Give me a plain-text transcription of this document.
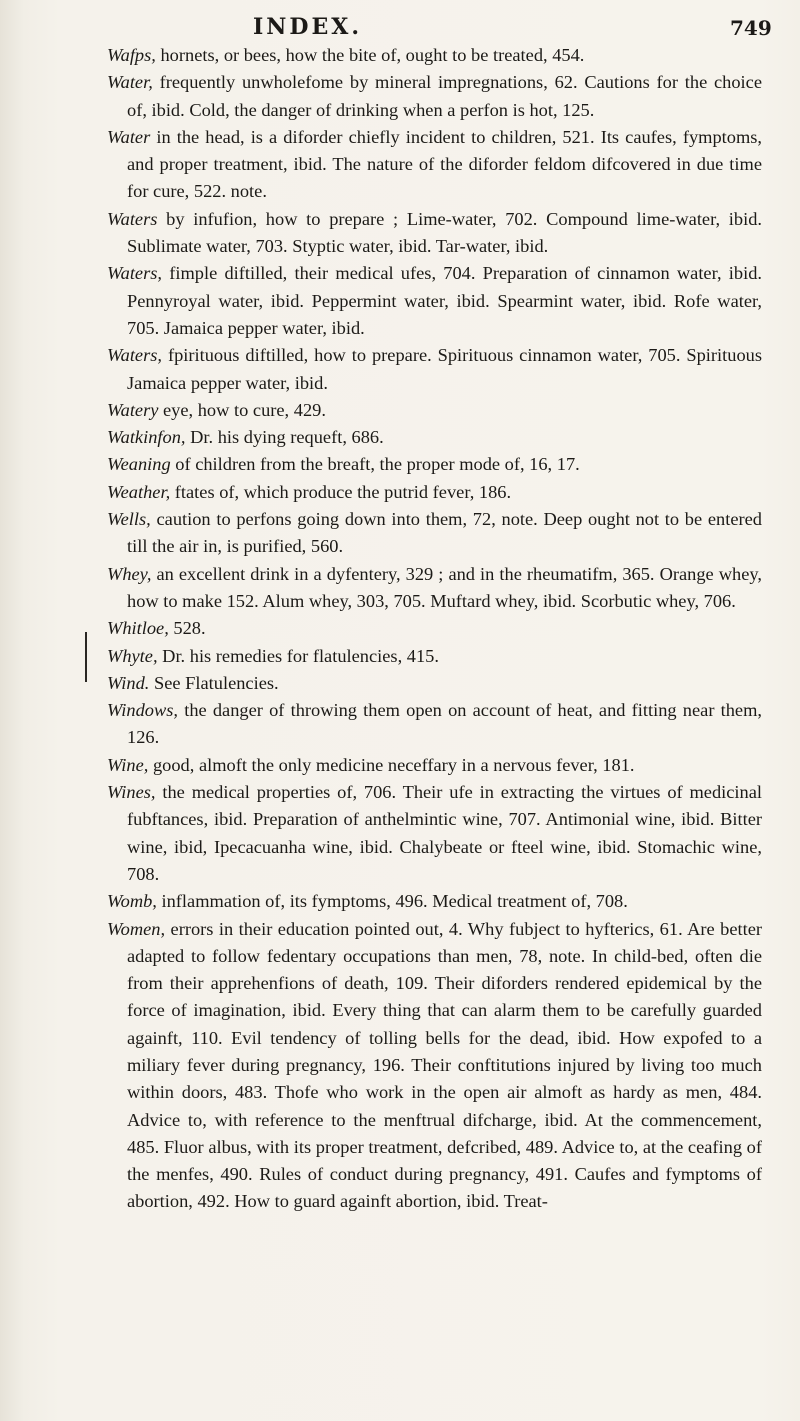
INDEX.	749

Wafps, hornets, or bees, how the bite of, ought to be treated, 454.

Water, frequently unwholefome by mineral impregnations, 62. Cautions for the choice of, ibid. Cold, the danger of drinking when a perfon is hot, 125.

Water in the head, is a diforder chiefly incident to children, 521. Its caufes, fymptoms, and proper treatment, ibid. The nature of the diforder feldom difcovered in due time for cure, 522. note.

Waters by infufion, how to prepare ; Lime-water, 702. Compound lime-water, ibid. Sublimate water, 703. Styptic water, ibid. Tar-water, ibid.

Waters, fimple diftilled, their medical ufes, 704. Preparation of cinnamon water, ibid. Pennyroyal water, ibid. Peppermint water, ibid. Spearmint water, ibid. Rofe water, 705. Jamaica pepper water, ibid.

Waters, fpirituous diftilled, how to prepare. Spirituous cinnamon water, 705. Spirituous Jamaica pepper water, ibid.

Watery eye, how to cure, 429.

Watkinfon, Dr. his dying requeft, 686.

Weaning of children from the breaft, the proper mode of, 16, 17.

Weather, ftates of, which produce the putrid fever, 186.

Wells, caution to perfons going down into them, 72, note. Deep ought not to be entered till the air in, is purified, 560.

Whey, an excellent drink in a dyfentery, 329 ; and in the rheumatifm, 365. Orange whey, how to make 152. Alum whey, 303, 705. Muftard whey, ibid. Scorbutic whey, 706.

Whitloe, 528.

Whyte, Dr. his remedies for flatulencies, 415.

Wind. See Flatulencies.

Windows, the danger of throwing them open on account of heat, and fitting near them, 126.

Wine, good, almoft the only medicine neceffary in a nervous fever, 181.

Wines, the medical properties of, 706. Their ufe in extracting the virtues of medicinal fubftances, ibid. Preparation of anthelmintic wine, 707. Antimonial wine, ibid. Bitter wine, ibid, Ipecacuanha wine, ibid. Chalybeate or fteel wine, ibid. Stomachic wine, 708.

Womb, inflammation of, its fymptoms, 496. Medical treatment of, 708.

Women, errors in their education pointed out, 4. Why fubject to hyfterics, 61. Are better adapted to follow fedentary occupations than men, 78, note. In child-bed, often die from their apprehenfions of death, 109. Their diforders rendered epidemical by the force of imagination, ibid. Every thing that can alarm them to be carefully guarded againft, 110. Evil tendency of tolling bells for the dead, ibid. How expofed to a miliary fever during pregnancy, 196. Their conftitutions injured by living too much within doors, 483. Thofe who work in the open air almoft as hardy as men, 484. Advice to, with reference to the menftrual difcharge, ibid. At the commencement, 485. Fluor albus, with its proper treatment, defcribed, 489. Advice to, at the ceafing of the menfes, 490. Rules of conduct during pregnancy, 491. Caufes and fymptoms of abortion, 492. How to guard againft abortion, ibid. Treat-
